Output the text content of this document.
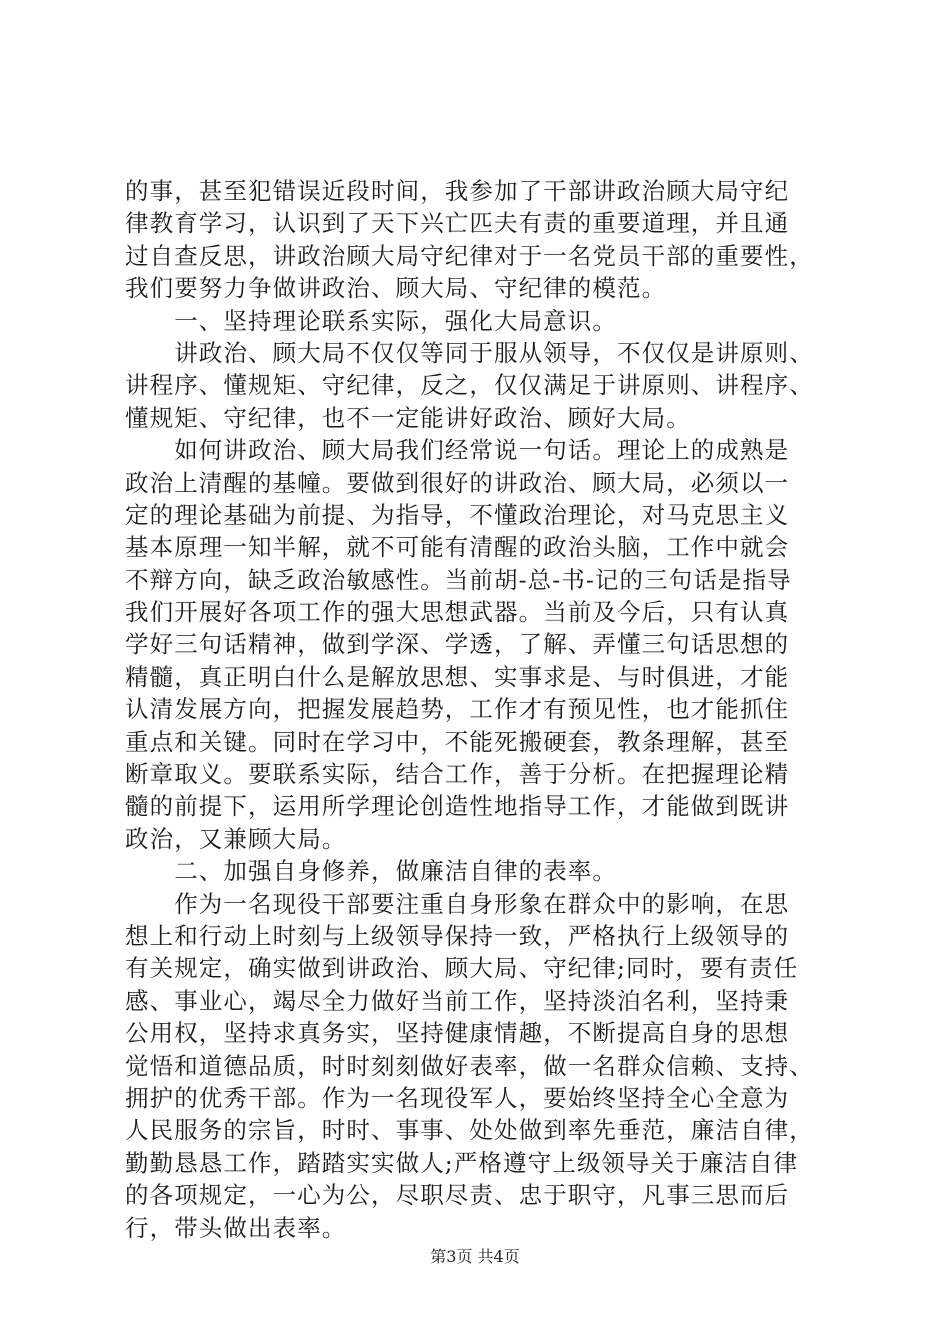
的事，甚至犯错误近段时间，我参加了干部讲政治顾大局守纪
律教育学习，认识到了天下兴亡匹夫有责的重要道理，并且通
过自查反思，讲政治顾大局守纪律对于一名党员干部的重要性，
我们要努力争做讲政治、顾大局、守纪律的模范。
　　一、坚持理论联系实际，强化大局意识。
　　讲政治、顾大局不仅仅等同于服从领导，不仅仅是讲原则、
讲程序、懂规矩、守纪律，反之，仅仅满足于讲原则、讲程序、
懂规矩、守纪律，也不一定能讲好政治、顾好大局。
　　如何讲政治、顾大局我们经常说一句话。理论上的成熟是
政治上清醒的基幢。要做到很好的讲政治、顾大局，必须以一
定的理论基础为前提、为指导，不懂政治理论，对马克思主义
基本原理一知半解，就不可能有清醒的政治头脑，工作中就会
不辩方向，缺乏政治敏感性。当前胡-总-书-记的三句话是指导
我们开展好各项工作的强大思想武器。当前及今后，只有认真
学好三句话精神，做到学深、学透，了解、弄懂三句话思想的
精髓，真正明白什么是解放思想、实事求是、与时俱进，才能
认清发展方向，把握发展趋势，工作才有预见性，也才能抓住
重点和关键。同时在学习中，不能死搬硬套，教条理解，甚至
断章取义。要联系实际，结合工作，善于分析。在把握理论精
髓的前提下，运用所学理论创造性地指导工作，才能做到既讲
政治，又兼顾大局。
　　二、加强自身修养，做廉洁自律的表率。
　　作为一名现役干部要注重自身形象在群众中的影响，在思
想上和行动上时刻与上级领导保持一致，严格执行上级领导的
有关规定，确实做到讲政治、顾大局、守纪律;同时，要有责任
感、事业心，竭尽全力做好当前工作，坚持淡泊名利，坚持秉
公用权，坚持求真务实，坚持健康情趣，不断提高自身的思想
觉悟和道德品质，时时刻刻做好表率，做一名群众信赖、支持、
拥护的优秀干部。作为一名现役军人，要始终坚持全心全意为
人民服务的宗旨，时时、事事、处处做到率先垂范，廉洁自律，
勤勤恳恳工作，踏踏实实做人;严格遵守上级领导关于廉洁自律
的各项规定，一心为公，尽职尽责、忠于职守，凡事三思而后
行，带头做出表率。
第3页 共4页
